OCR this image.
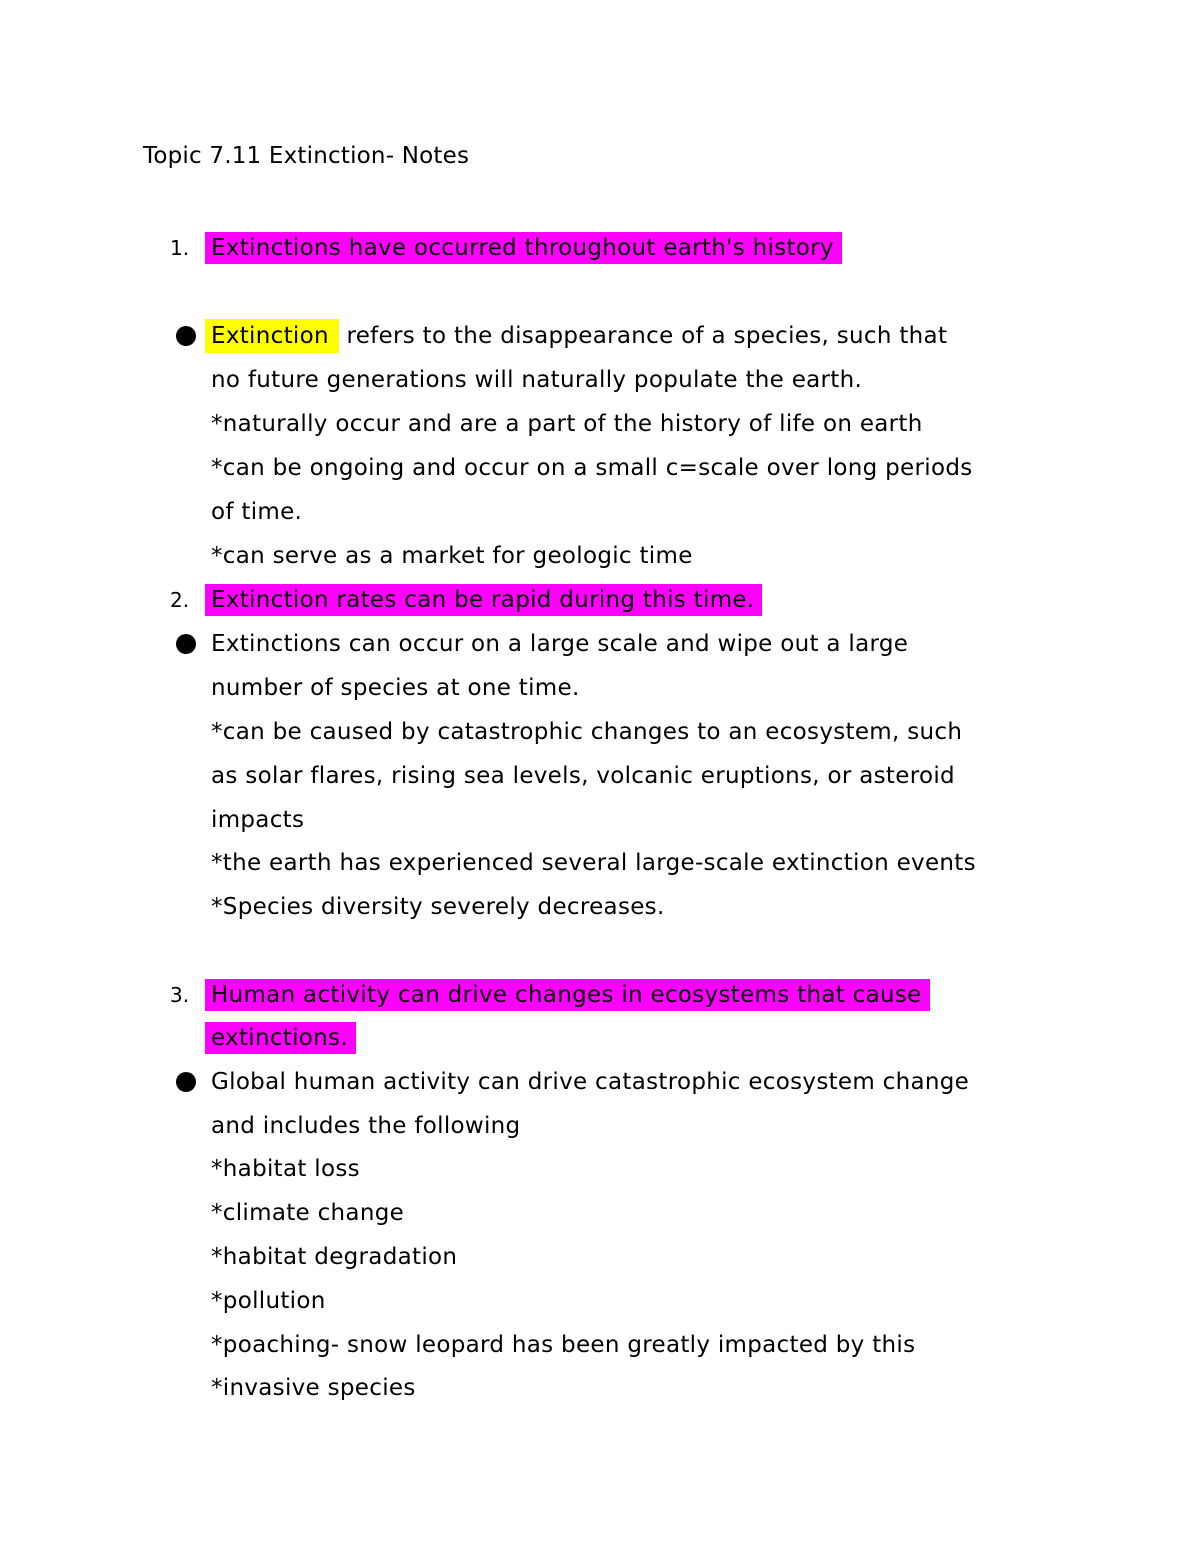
Topic 7.11 Extinction- Notes
1. Extinctions have occurred throughout earth's history
Extinction refers to the disappearance of a species, such that
no future generations will naturally populate the earth.
*naturally occur and are a part of the history of life on earth
*can be ongoing and occur on a small c=scale over long periods
of time.
*can serve as a market for geologic time
2. Extinction rates can be rapid during this time.
Extinctions can occur on a large scale and wipe out a large
number of species at one time.
*can be caused by catastrophic changes to an ecosystem, such
as solar flares, rising sea levels, volcanic eruptions, or asteroid
impacts
*the earth has experienced several large-scale extinction events
*Species diversity severely decreases.
3. Human activity can drive changes in ecosystems that cause
extinctions.
Global human activity can drive catastrophic ecosystem change
and includes the following
*habitat loss
*climate change
*habitat degradation
*pollution
*poaching- snow leopard has been greatly impacted by this
*invasive species
